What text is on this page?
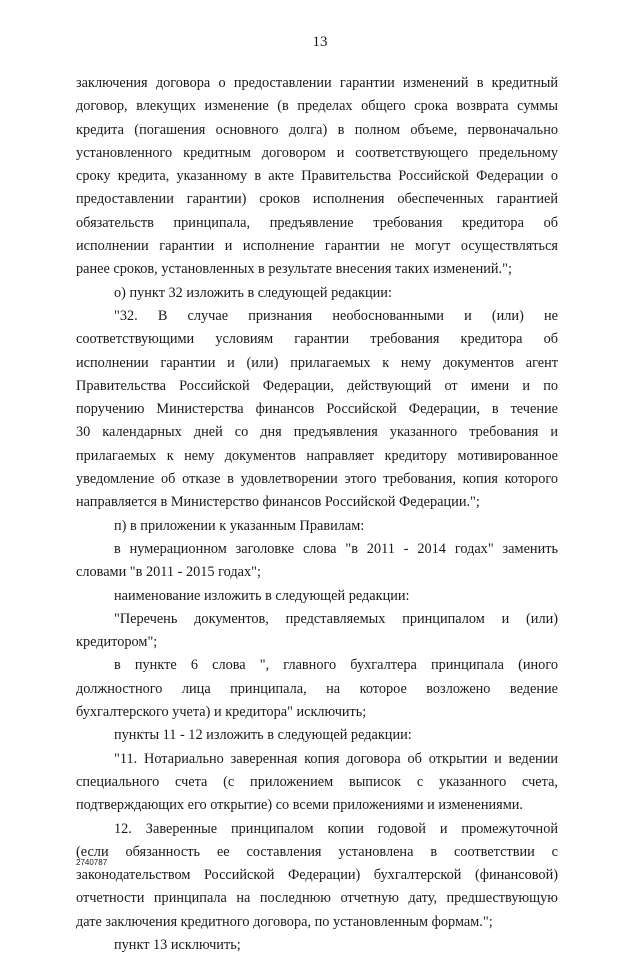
13
заключения договора о предоставлении гарантии изменений в кредитный
договор, влекущих изменение (в пределах общего срока возврата суммы
кредита (погашения основного долга) в полном объеме, первоначально
установленного кредитным договором и соответствующего предельному
сроку кредита, указанному в акте Правительства Российской Федерации о
предоставлении гарантии) сроков исполнения обеспеченных гарантией
обязательств принципала, предъявление требования кредитора об
исполнении гарантии и исполнение гарантии не могут осуществляться
ранее сроков, установленных в результате внесения таких изменений.";
о) пункт 32 изложить в следующей редакции:
"32. В случае признания необоснованными и (или) не
соответствующими условиям гарантии требования кредитора об
исполнении гарантии и (или) прилагаемых к нему документов агент
Правительства Российской Федерации, действующий от имени и по
поручению Министерства финансов Российской Федерации, в течение
30 календарных дней со дня предъявления указанного требования и
прилагаемых к нему документов направляет кредитору мотивированное
уведомление об отказе в удовлетворении этого требования, копия которого
направляется в Министерство финансов Российской Федерации.";
п) в приложении к указанным Правилам:
в нумерационном заголовке слова "в 2011 - 2014 годах" заменить
словами "в 2011 - 2015 годах";
наименование изложить в следующей редакции:
"Перечень документов, представляемых принципалом и (или)
кредитором";
в пункте 6 слова ", главного бухгалтера принципала (иного
должностного лица принципала, на которое возложено ведение
бухгалтерского учета) и кредитора" исключить;
пункты 11 - 12 изложить в следующей редакции:
"11. Нотариально заверенная копия договора об открытии и ведении
специального счета (с приложением выписок с указанного счета,
подтверждающих его открытие) со всеми приложениями и изменениями.
12. Заверенные принципалом копии годовой и промежуточной
(если обязанность ее составления установлена в соответствии с
законодательством Российской Федерации) бухгалтерской (финансовой)
отчетности принципала на последнюю отчетную дату, предшествующую
дате заключения кредитного договора, по установленным формам.";
пункт 13 исключить;
2740787
